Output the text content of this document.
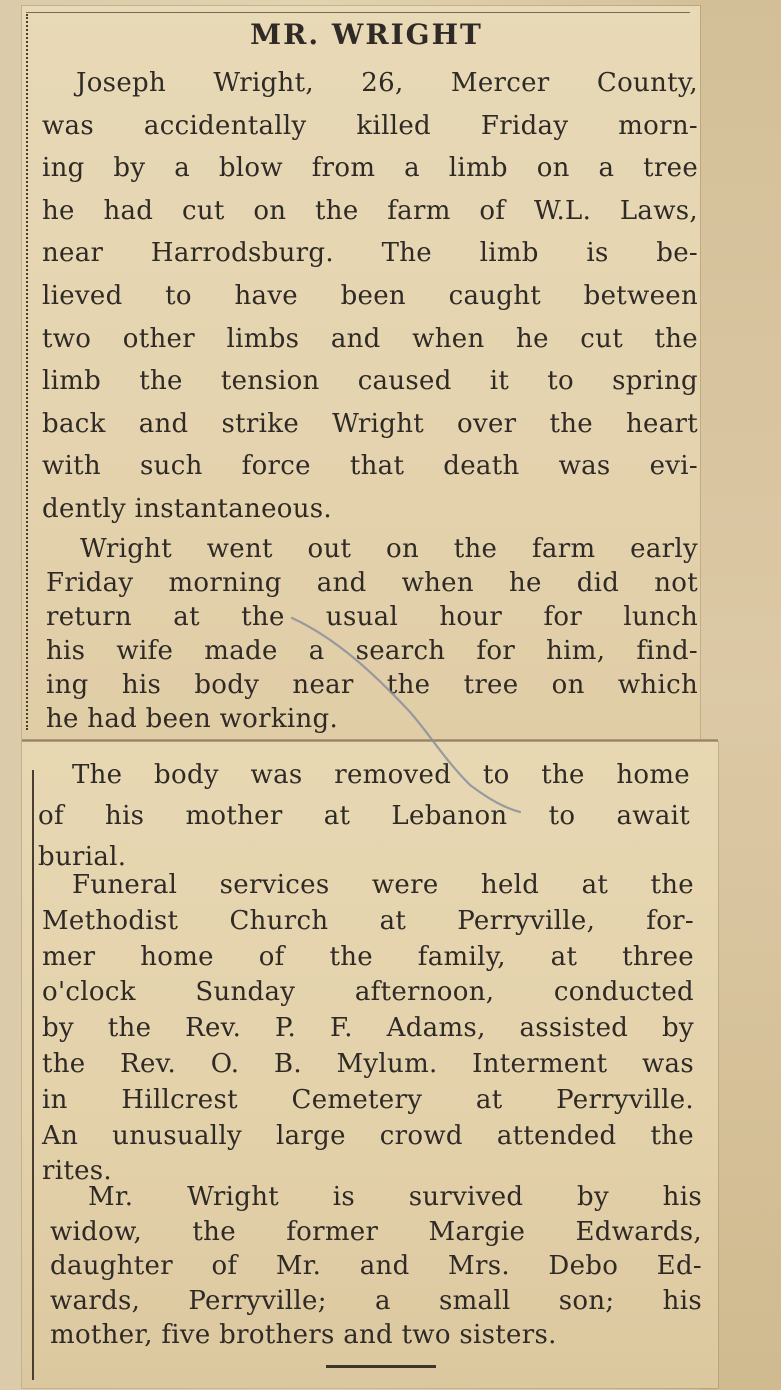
MR. WRIGHT

Joseph Wright, 26, Mercer County,
was accidentally killed Friday morn-
ing by a blow from a limb on a tree
he had cut on the farm of W.L. Laws,
near Harrodsburg. The limb is be-
lieved to have been caught between
two other limbs and when he cut the
limb the tension caused it to spring
back and strike Wright over the heart
with such force that death was evi-
dently instantaneous.

Wright went out on the farm early
Friday morning and when he did not
return at the usual hour for lunch
his wife made a search for him, find-
ing his body near the tree on which
he had been working.

The body was removed to the home
of his mother at Lebanon to await
burial.

Funeral services were held at the
Methodist Church at Perryville, for-
mer home of the family, at three
o'clock Sunday afternoon, conducted
by the Rev. P. F. Adams, assisted by
the Rev. O. B. Mylum. Interment was
in Hillcrest Cemetery at Perryville.
An unusually large crowd attended the
rites.

Mr. Wright is survived by his
widow, the former Margie Edwards,
daughter of Mr. and Mrs. Debo Ed-
wards, Perryville; a small son; his
mother, five brothers and two sisters.
